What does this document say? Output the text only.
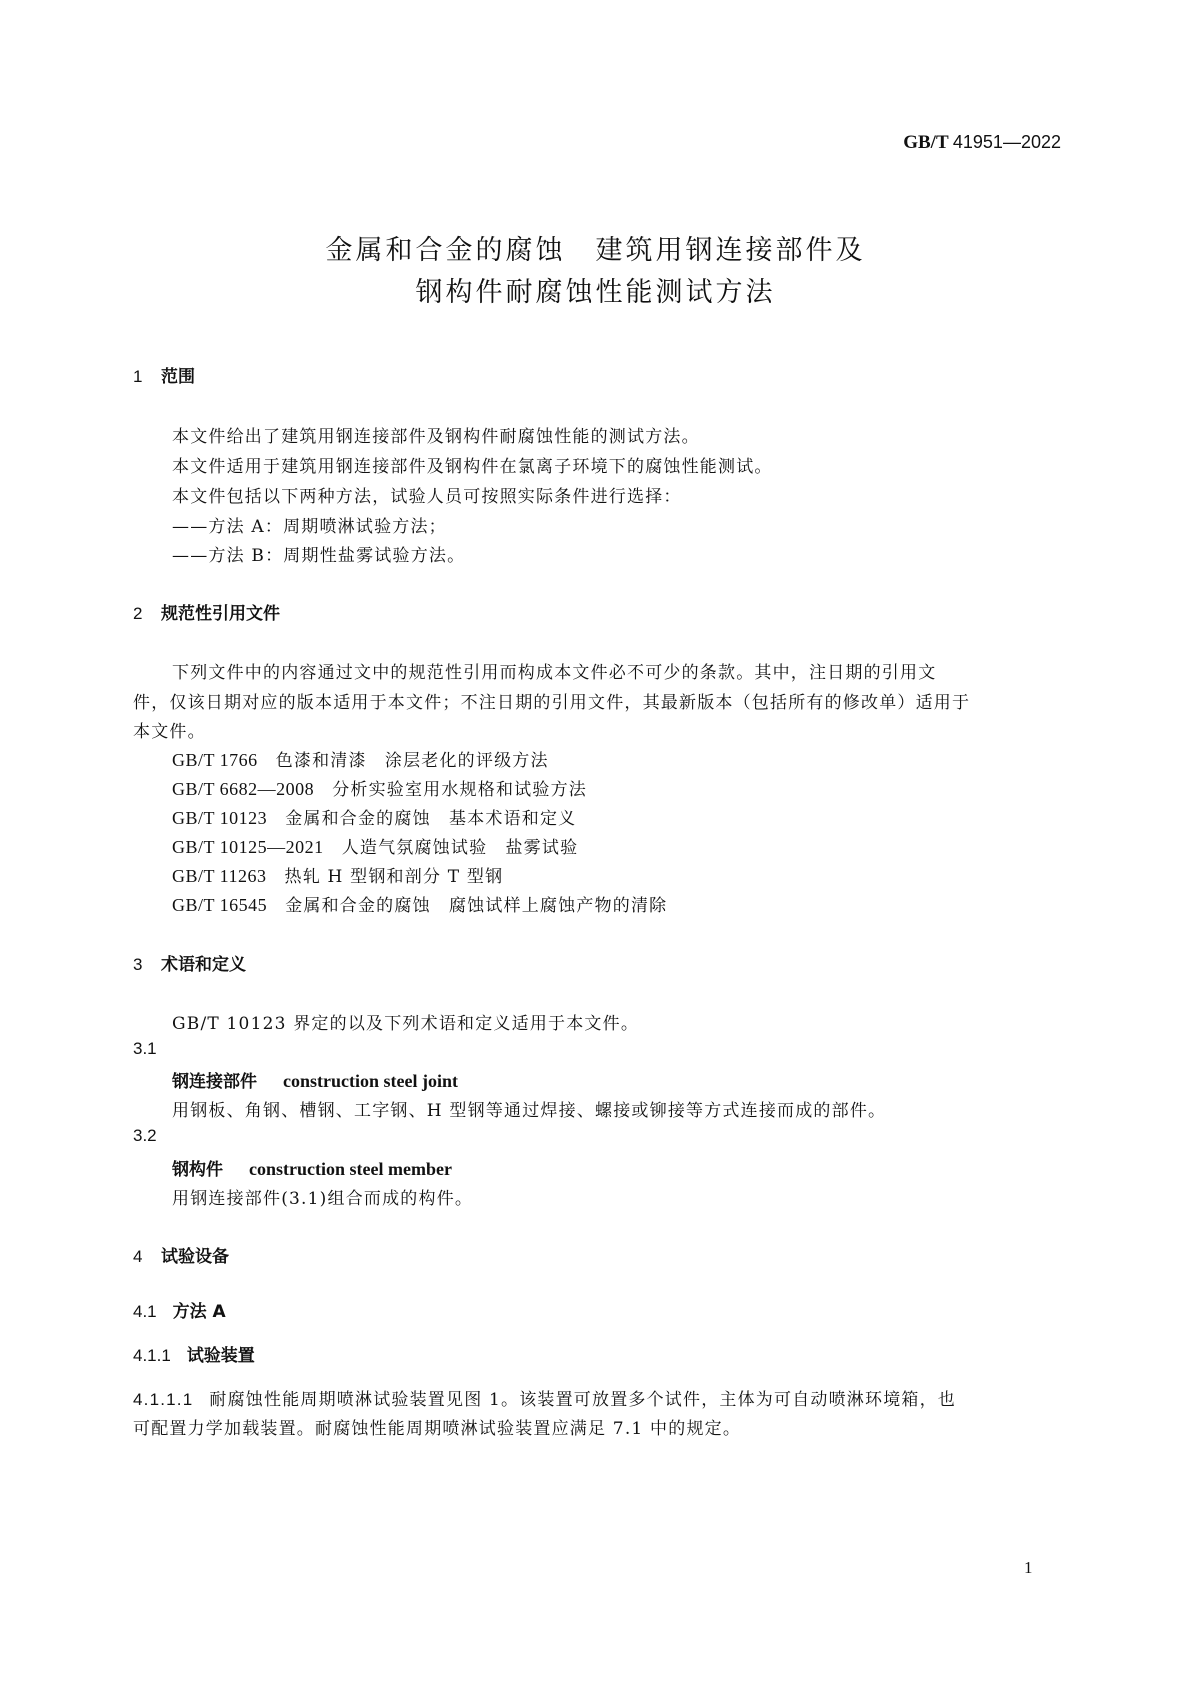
GB/T 41951—2022
金属和合金的腐蚀　建筑用钢连接部件及
钢构件耐腐蚀性能测试方法
1 范围
本文件给出了建筑用钢连接部件及钢构件耐腐蚀性能的测试方法。
本文件适用于建筑用钢连接部件及钢构件在氯离子环境下的腐蚀性能测试。
本文件包括以下两种方法，试验人员可按照实际条件进行选择：
——方法 A：周期喷淋试验方法；
——方法 B：周期性盐雾试验方法。
2 规范性引用文件
下列文件中的内容通过文中的规范性引用而构成本文件必不可少的条款。其中，注日期的引用文
件，仅该日期对应的版本适用于本文件；不注日期的引用文件，其最新版本（包括所有的修改单）适用于
本文件。
GB/T 1766 色漆和清漆　涂层老化的评级方法
GB/T 6682—2008 分析实验室用水规格和试验方法
GB/T 10123 金属和合金的腐蚀　基本术语和定义
GB/T 10125—2021 人造气氛腐蚀试验　盐雾试验
GB/T 11263 热轧 H 型钢和剖分 T 型钢
GB/T 16545 金属和合金的腐蚀　腐蚀试样上腐蚀产物的清除
3 术语和定义
GB/T 10123 界定的以及下列术语和定义适用于本文件。
3.1
钢连接部件 construction steel joint
用钢板、角钢、槽钢、工字钢、H 型钢等通过焊接、螺接或铆接等方式连接而成的部件。
3.2
钢构件 construction steel member
用钢连接部件(3.1)组合而成的构件。
4 试验设备
4.1 方法 A
4.1.1 试验装置
4.1.1.1 耐腐蚀性能周期喷淋试验装置见图 1。该装置可放置多个试件，主体为可自动喷淋环境箱，也
可配置力学加载装置。耐腐蚀性能周期喷淋试验装置应满足 7.1 中的规定。
1
